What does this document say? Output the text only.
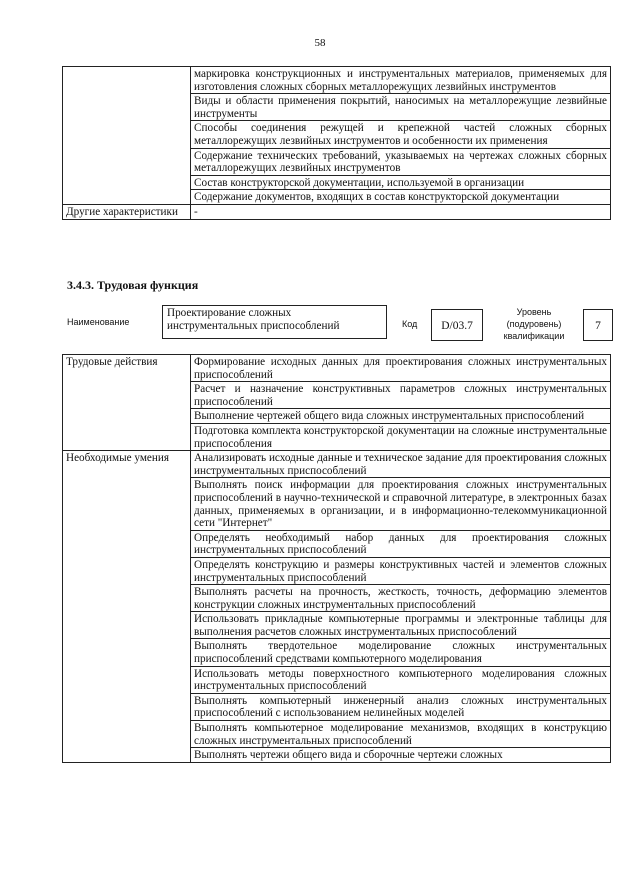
58
	маркировка конструкционных и инструментальных материалов, применяемых для изготовления сложных сборных металлорежущих лезвийных инструментов
	Виды и области применения покрытий, наносимых на металлорежущие лезвийные инструменты
	Способы соединения режущей и крепежной частей сложных сборных металлорежущих лезвийных инструментов и особенности их применения
	Содержание технических требований, указываемых на чертежах сложных сборных металлорежущих лезвийных инструментов
	Состав конструкторской документации, используемой в организации
	Содержание документов, входящих в состав конструкторской документации
Другие характеристики	-
3.4.3. Трудовая функция
Наименование
Проектирование сложных инструментальных приспособлений	Код	D/03.7
Уровень (подуровень) квалификации
7
Трудовые действия	Формирование исходных данных для проектирования сложных инструментальных приспособлений
	Расчет и назначение конструктивных параметров сложных инструментальных приспособлений
	Выполнение чертежей общего вида сложных инструментальных приспособлений
	Подготовка комплекта конструкторской документации на сложные инструментальные приспособления
Необходимые умения	Анализировать исходные данные и техническое задание для проектирования сложных инструментальных приспособлений
	Выполнять поиск информации для проектирования сложных инструментальных приспособлений в научно-технической и справочной литературе, в электронных базах данных, применяемых в организации, и в информационно-телекоммуникационной сети "Интернет"
	Определять необходимый набор данных для проектирования сложных инструментальных приспособлений
	Определять конструкцию и размеры конструктивных частей и элементов сложных инструментальных приспособлений
	Выполнять расчеты на прочность, жесткость, точность, деформацию элементов конструкции сложных инструментальных приспособлений
	Использовать прикладные компьютерные программы и электронные таблицы для выполнения расчетов сложных инструментальных приспособлений
	Выполнять твердотельное моделирование сложных инструментальных приспособлений средствами компьютерного моделирования
	Использовать методы поверхностного компьютерного моделирования сложных инструментальных приспособлений
	Выполнять компьютерный инженерный анализ сложных инструментальных приспособлений с использованием нелинейных моделей
	Выполнять компьютерное моделирование механизмов, входящих в конструкцию сложных инструментальных приспособлений
	Выполнять чертежи общего вида и сборочные чертежи сложных
